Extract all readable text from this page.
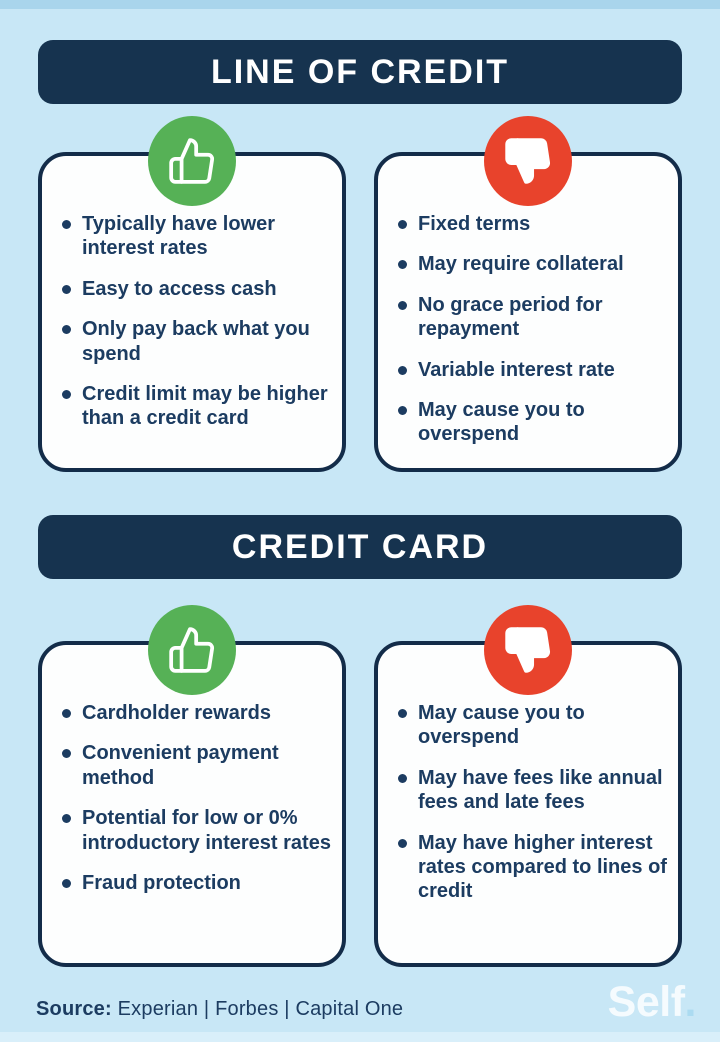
LINE OF CREDIT
Typically have lower interest rates
Easy to access cash
Only pay back what you spend
Credit limit may be higher than a credit card
Fixed terms
May require collateral
No grace period for repayment
Variable interest rate
May cause you to overspend
CREDIT CARD
Cardholder rewards
Convenient payment method
Potential for low or 0% introductory interest rates
Fraud protection
May cause you to overspend
May have fees like annual fees and late fees
May have higher interest rates compared to lines of credit
Source: Experian | Forbes | Capital One	Self.
